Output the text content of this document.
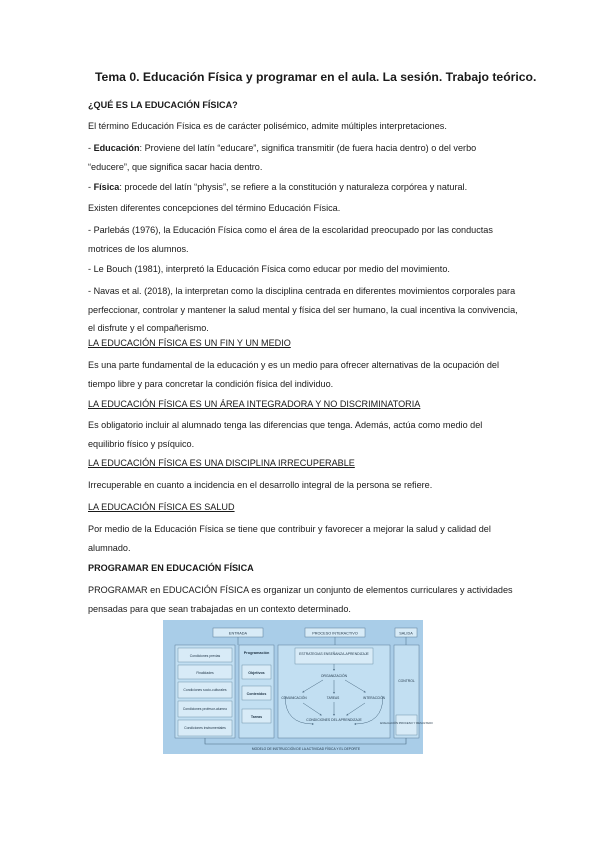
Tema 0. Educación Física y programar en el aula. La sesión. Trabajo teórico.
¿QUÉ ES LA EDUCACIÓN FÍSICA?
El término Educación Física es de carácter polisémico, admite múltiples interpretaciones.
- Educación: Proviene del latín “educare”, significa transmitir (de fuera hacia dentro) o del verbo “educere”, que significa sacar hacia dentro.
- Física: procede del latín “physis”, se refiere a la constitución y naturaleza corpórea y natural.
Existen diferentes concepciones del término Educación Física.
- Parlebás (1976), la Educación Física como el área de la escolaridad preocupado por las conductas motrices de los alumnos.
- Le Bouch (1981), interpretó la Educación Física como educar por medio del movimiento.
- Navas et al. (2018), la interpretan como la disciplina centrada en diferentes movimientos corporales para perfeccionar, controlar y mantener la salud mental y física del ser humano, la cual incentiva la convivencia, el disfrute y el compañerismo.
LA EDUCACIÓN FÍSICA ES UN FIN Y UN MEDIO
Es una parte fundamental de la educación y es un medio para ofrecer alternativas de la ocupación del tiempo libre y para concretar la condición física del individuo.
LA EDUCACIÓN FÍSICA ES UN ÁREA INTEGRADORA Y NO DISCRIMINATORIA
Es obligatorio incluir al alumnado tenga las diferencias que tenga. Además, actúa como medio del equilibrio físico y psíquico.
LA EDUCACIÓN FÍSICA ES UNA DISCIPLINA IRRECUPERABLE
Irrecuperable en cuanto a incidencia en el desarrollo integral de la persona se refiere.
LA EDUCACIÓN FÍSICA ES SALUD
Por medio de la Educación Física se tiene que contribuir y favorecer a mejorar la salud y calidad del alumnado.
PROGRAMAR EN EDUCACIÓN FÍSICA
PROGRAMAR en EDUCACIÓN FÍSICA es organizar un conjunto de elementos curriculares y actividades pensadas para que sean trabajadas en un contexto determinado.
ENTRADA	PROCESO INTERACTIVO	SALIDA
Condiciones previas
Finalidades
Condiciones socio-culturales
Condiciones profesor-alumno
Condiciones instrumentales
Programación
Objetivos
Contenidos
Tareas
ESTRATEGIAS ENSEÑANZA-APRENDIZAJE
ORGANIZACIÓN
COMUNICACIÓN	TAREAS	INTERACCIÓN
CONDICIONES DEL APRENDIZAJE
CONTROL
EVALUACIÓN PROCESO Y RESULTADO
MODELO DE INSTRUCCIÓN DE LA ACTIVIDAD FÍSICA Y EL DEPORTE
